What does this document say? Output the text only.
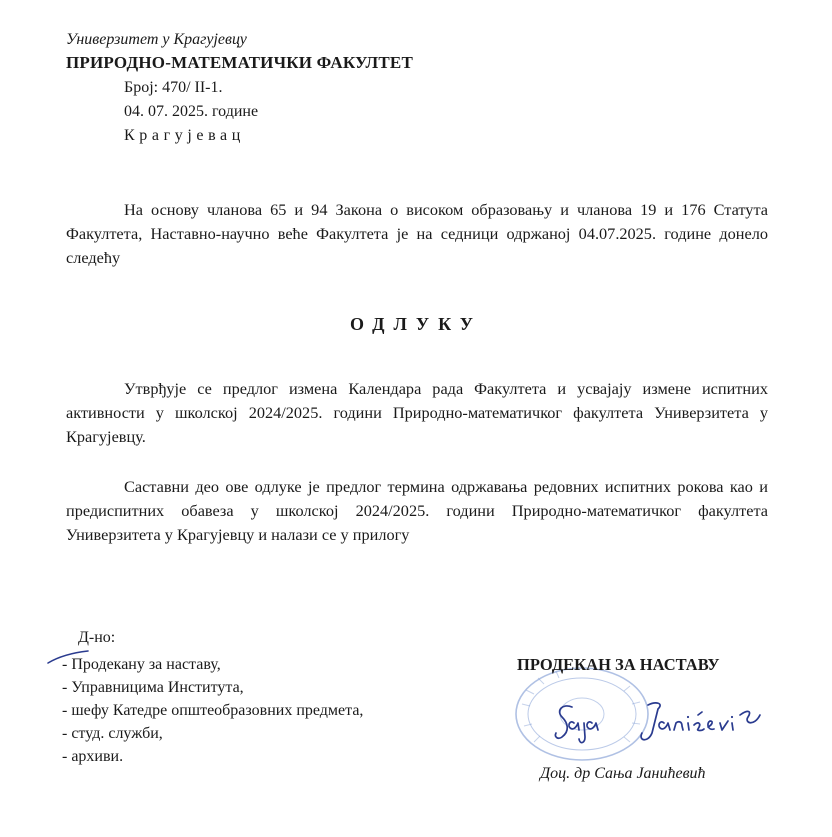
Универзитет у Крагујевцу

ПРИРОДНО-МАТЕМАТИЧКИ ФАКУЛТЕТ

Број: 470/ II-1.

04. 07. 2025. године

Крагујевац

На основу чланова 65 и 94 Закона о високом образовању и чланова 19 и 176 Статута Факултета, Наставно-научно веће Факултета је на седници одржаној 04.07.2025. године донело следећу

ОДЛУКУ

Утврђује се предлог измена Календара рада Факултета и усвајају измене испитних активности у школској 2024/2025. години Природно-математичког факултета Универзитета у Крагујевцу.

Саставни део ове одлуке је предлог термина одржавања редовних испитних рокова као и предиспитних обавеза у школској 2024/2025. години Природно-математичког факултета Универзитета у Крагујевцу и налази се у прилогу

Д-но:

- Продекану за наставу,
- Управницима Института,
- шефу Катедре општеобразовних предмета,
- студ. служби,
- архиви.

ПРОДЕКАН ЗА НАСТАВУ

Доц. др Сања Јанићевић
